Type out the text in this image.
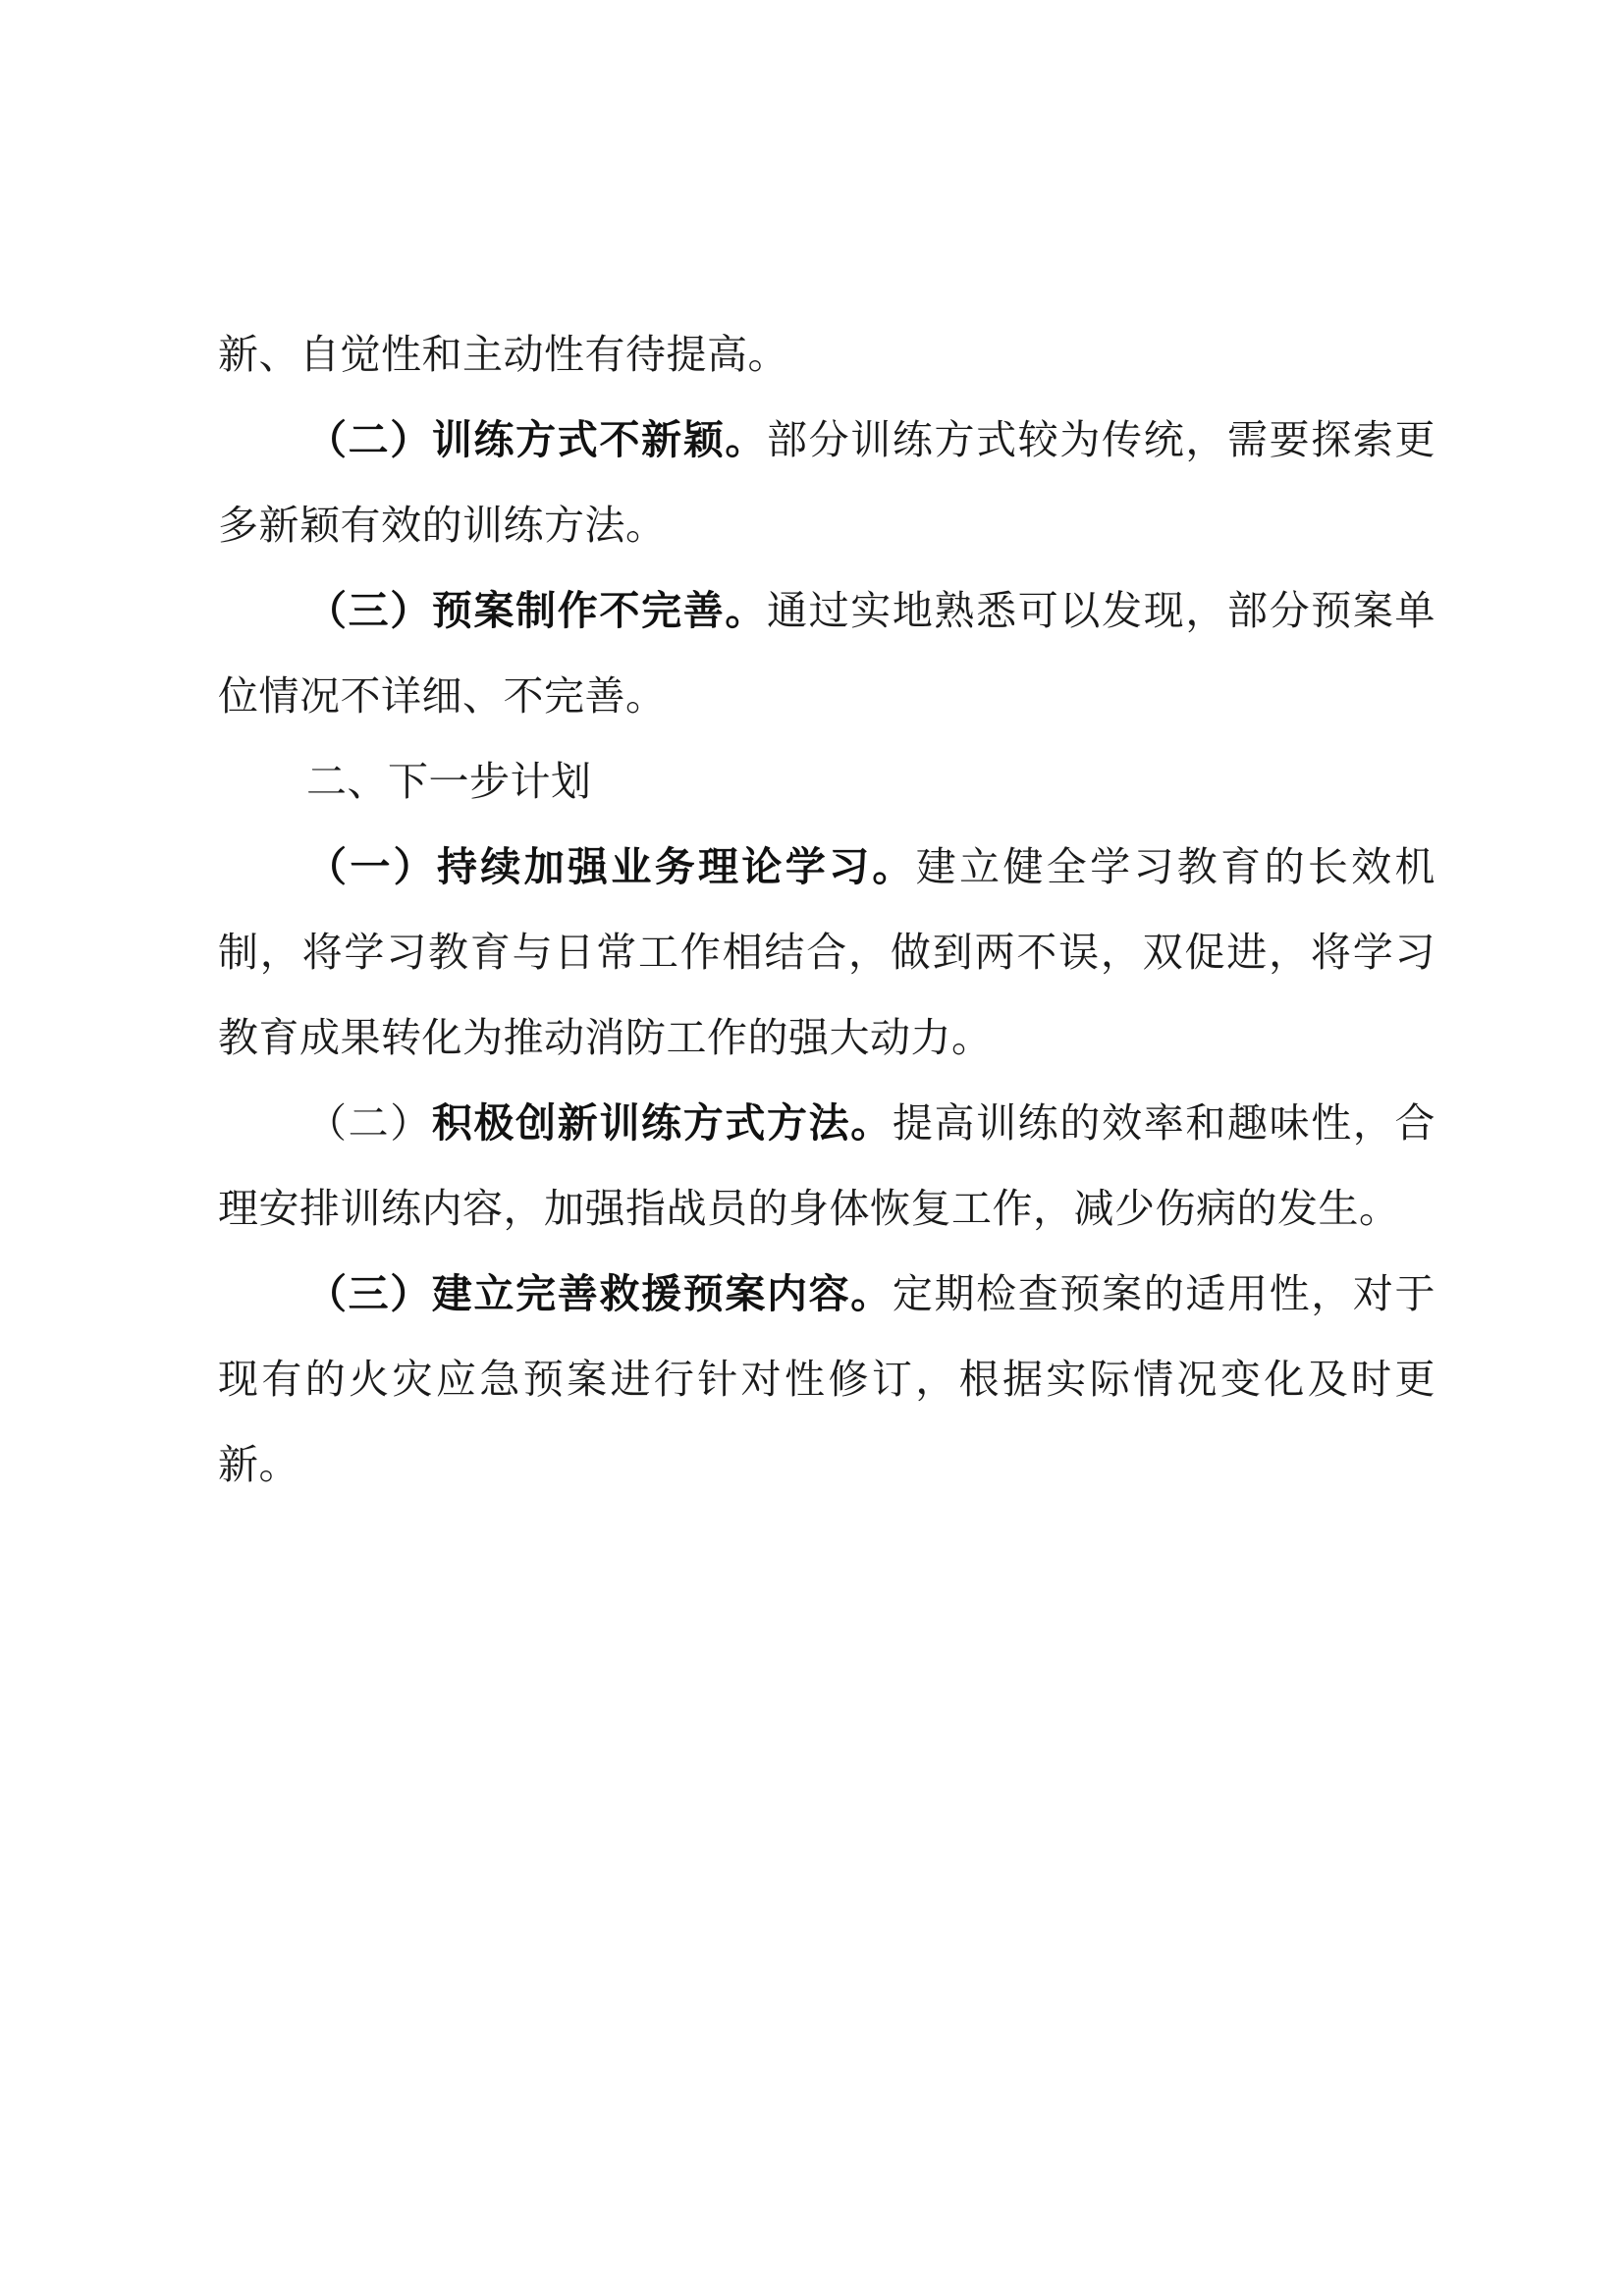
新、自觉性和主动性有待提高。

（二）训练方式不新颖。部分训练方式较为传统，需要探索更多新颖有效的训练方法。

（三）预案制作不完善。通过实地熟悉可以发现，部分预案单位情况不详细、不完善。

二、下一步计划

（一）持续加强业务理论学习。建立健全学习教育的长效机制，将学习教育与日常工作相结合，做到两不误，双促进，将学习教育成果转化为推动消防工作的强大动力。

（二）积极创新训练方式方法。提高训练的效率和趣味性，合理安排训练内容，加强指战员的身体恢复工作，减少伤病的发生。

（三）建立完善救援预案内容。定期检查预案的适用性，对于现有的火灾应急预案进行针对性修订，根据实际情况变化及时更新。
